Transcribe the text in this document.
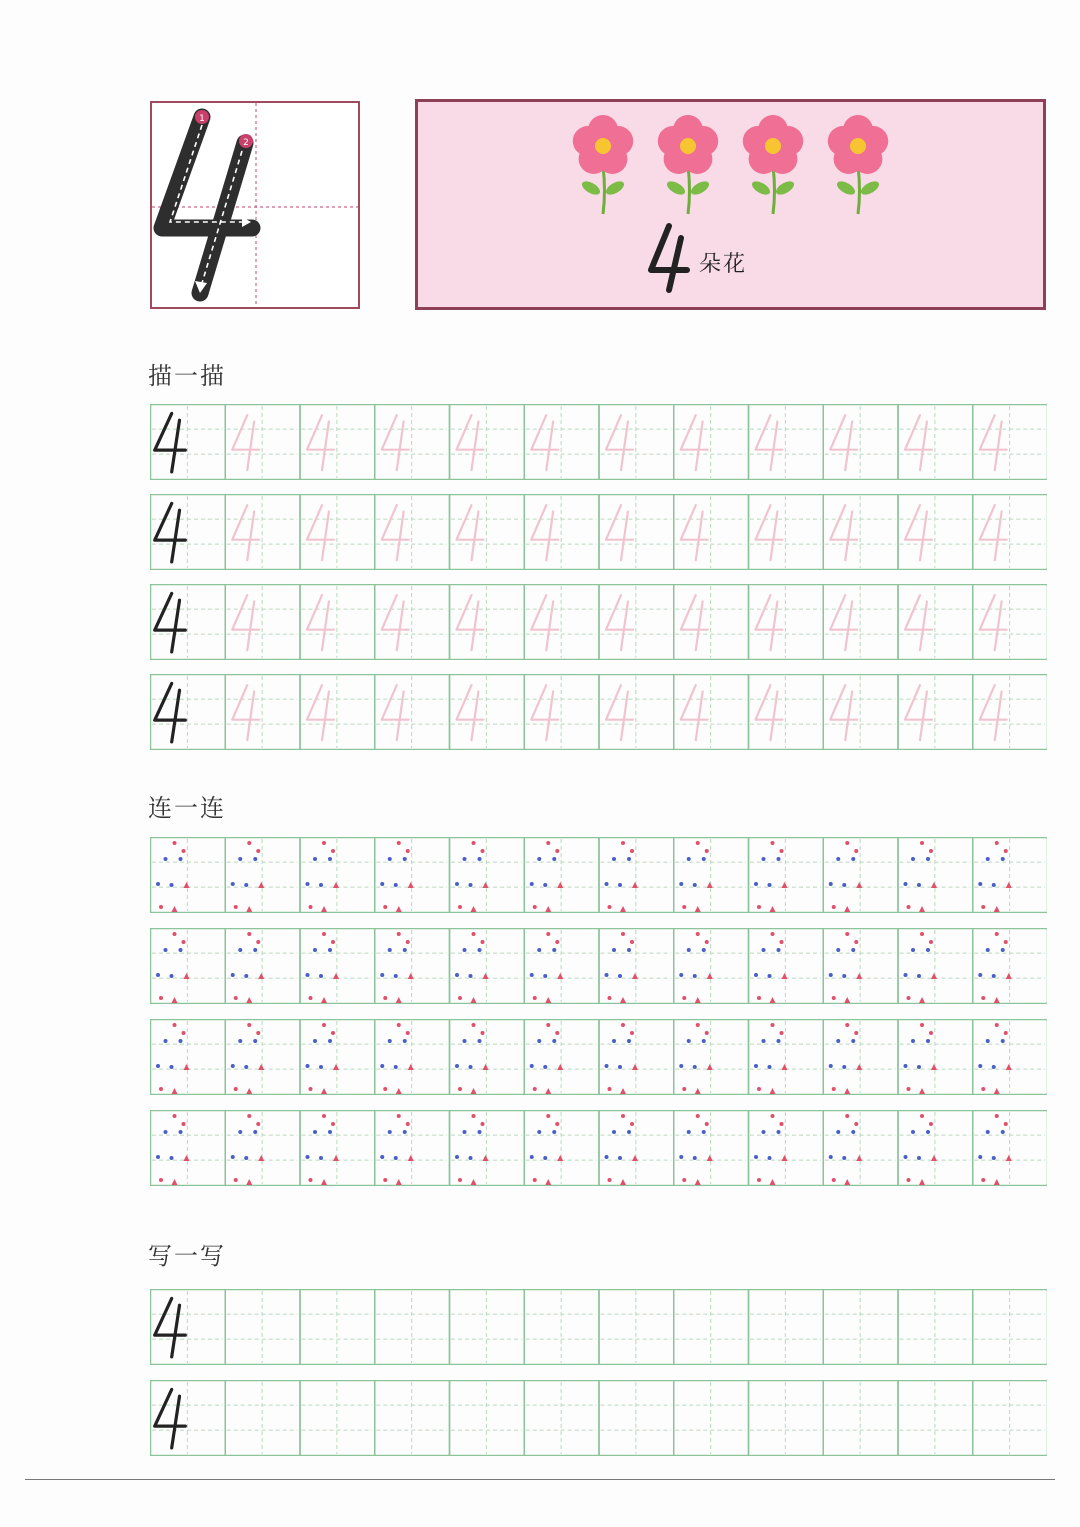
1
2
朵花
描一描
连一连
写一写
